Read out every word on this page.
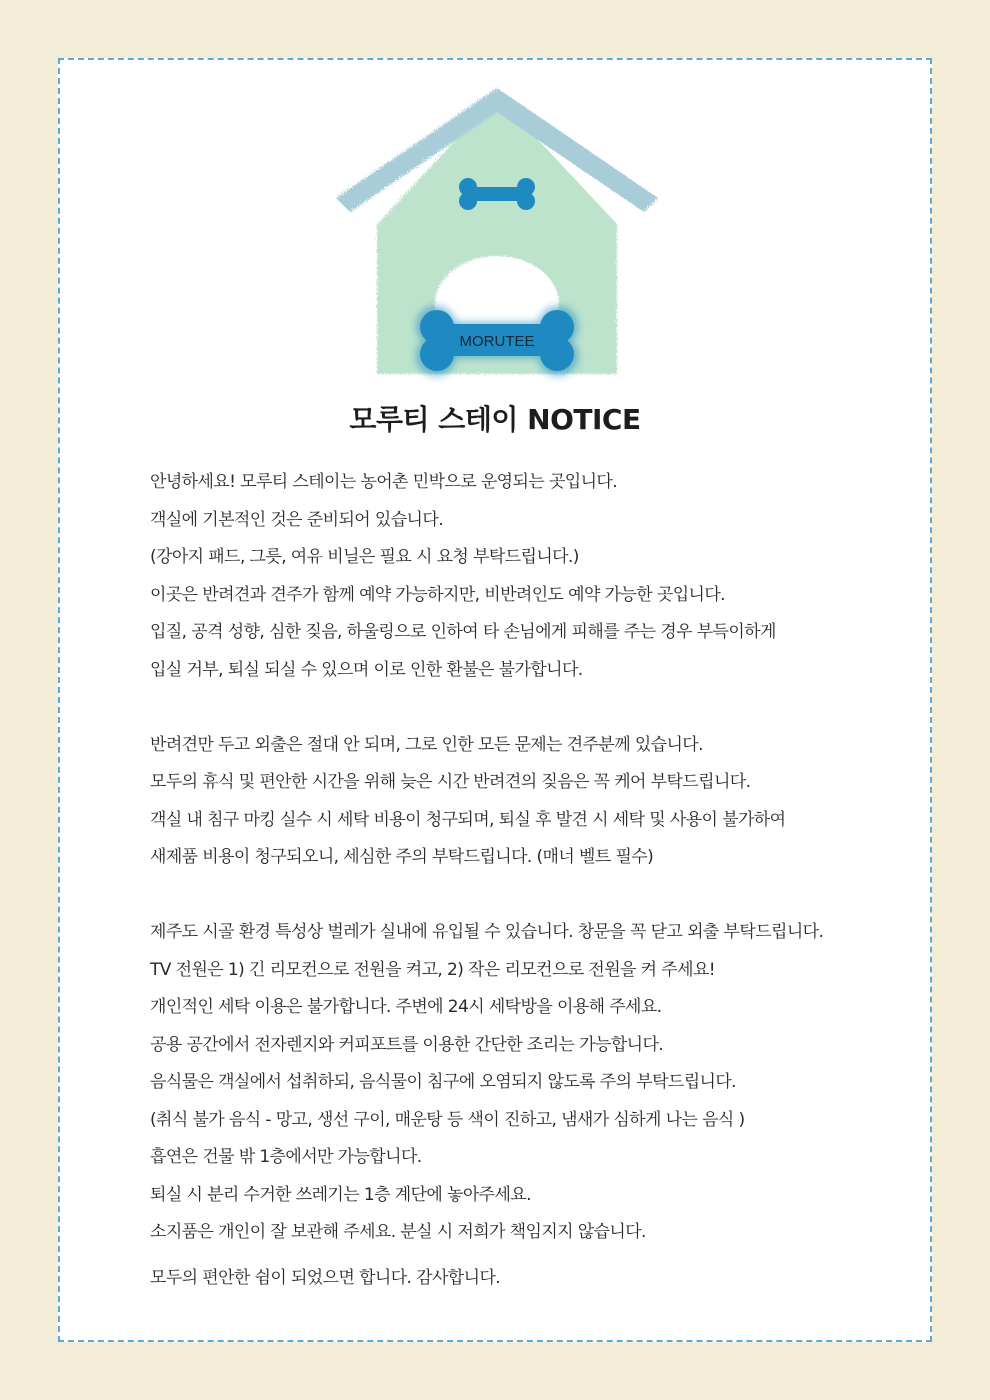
MORUTEE
모루티 스테이 NOTICE
안녕하세요! 모루티 스테이는 농어촌 민박으로 운영되는 곳입니다.
객실에 기본적인 것은 준비되어 있습니다.
(강아지 패드, 그릇, 여유 비닐은 필요 시 요청 부탁드립니다.)
이곳은 반려견과 견주가 함께 예약 가능하지만, 비반려인도 예약 가능한 곳입니다.
입질, 공격 성향, 심한 짖음, 하울링으로 인하여 타 손님에게 피해를 주는 경우 부득이하게
입실 거부, 퇴실 되실 수 있으며 이로 인한 환불은 불가합니다.
반려견만 두고 외출은 절대 안 되며, 그로 인한 모든 문제는 견주분께 있습니다.
모두의 휴식 및 편안한 시간을 위해 늦은 시간 반려견의 짖음은 꼭 케어 부탁드립니다.
객실 내 침구 마킹 실수 시 세탁 비용이 청구되며, 퇴실 후 발견 시 세탁 및 사용이 불가하여
새제품 비용이 청구되오니, 세심한 주의 부탁드립니다. (매너 벨트 필수)
제주도 시골 환경 특성상 벌레가 실내에 유입될 수 있습니다. 창문을 꼭 닫고 외출 부탁드립니다.
TV 전원은 1) 긴 리모컨으로 전원을 켜고, 2) 작은 리모컨으로 전원을 켜 주세요!
개인적인 세탁 이용은 불가합니다. 주변에 24시 세탁방을 이용해 주세요.
공용 공간에서 전자렌지와 커피포트를 이용한 간단한 조리는 가능합니다.
음식물은 객실에서 섭취하되, 음식물이 침구에 오염되지 않도록 주의 부탁드립니다.
(취식 불가 음식 - 망고, 생선 구이, 매운탕 등 색이 진하고, 냄새가 심하게 나는 음식 )
흡연은 건물 밖 1층에서만 가능합니다.
퇴실 시 분리 수거한 쓰레기는 1층 계단에 놓아주세요.
소지품은 개인이 잘 보관해 주세요. 분실 시 저희가 책임지지 않습니다.
모두의 편안한 쉼이 되었으면 합니다. 감사합니다.
